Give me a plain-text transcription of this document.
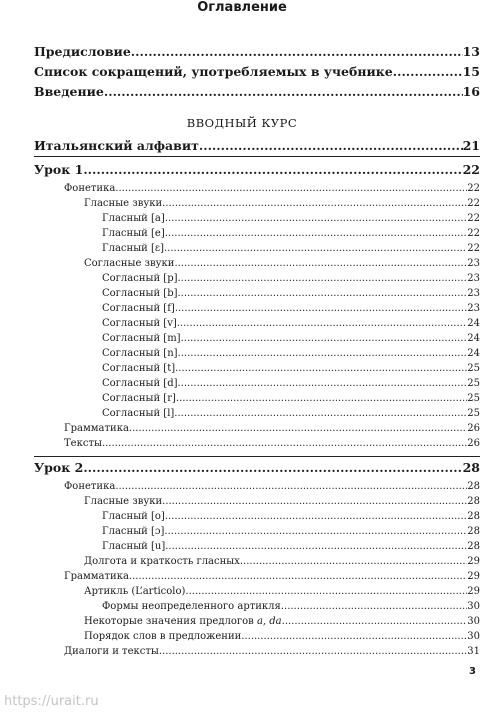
Оглавление
Предисловие .....	13
Список сокращений, употребляемых в учебнике .....	15
Введение .....	16
ВВОДНЫЙ КУРС
Итальянский алфавит .....	21
Урок 1 .....	22
Фонетика .....	22
Гласные звуки .....	22
Гласный [a] .....	22
Гласный [e] .....	22
Гласный [ɛ] .....	22
Согласные звуки .....	23
Согласный [p] .....	23
Согласный [b] .....	23
Согласный [f] .....	23
Согласный [v] .....	24
Согласный [m] .....	24
Согласный [n] .....	24
Согласный [t] .....	25
Согласный [d] .....	25
Согласный [r] .....	25
Согласный [l] .....	25
Грамматика .....	26
Тексты .....	26
Урок 2 .....	28
Фонетика .....	28
Гласные звуки .....	28
Гласный [o] .....	28
Гласный [ɔ] .....	28
Гласный [u] .....	28
Долгота и краткость гласных .....	29
Грамматика .....	29
Артикль (L’articolo) .....	29
Формы неопределенного артикля .....	30
Некоторые значения предлогов a, da .....	30
Порядок слов в предложении .....	30
Диалоги и тексты .....	31
3
https://urait.ru
